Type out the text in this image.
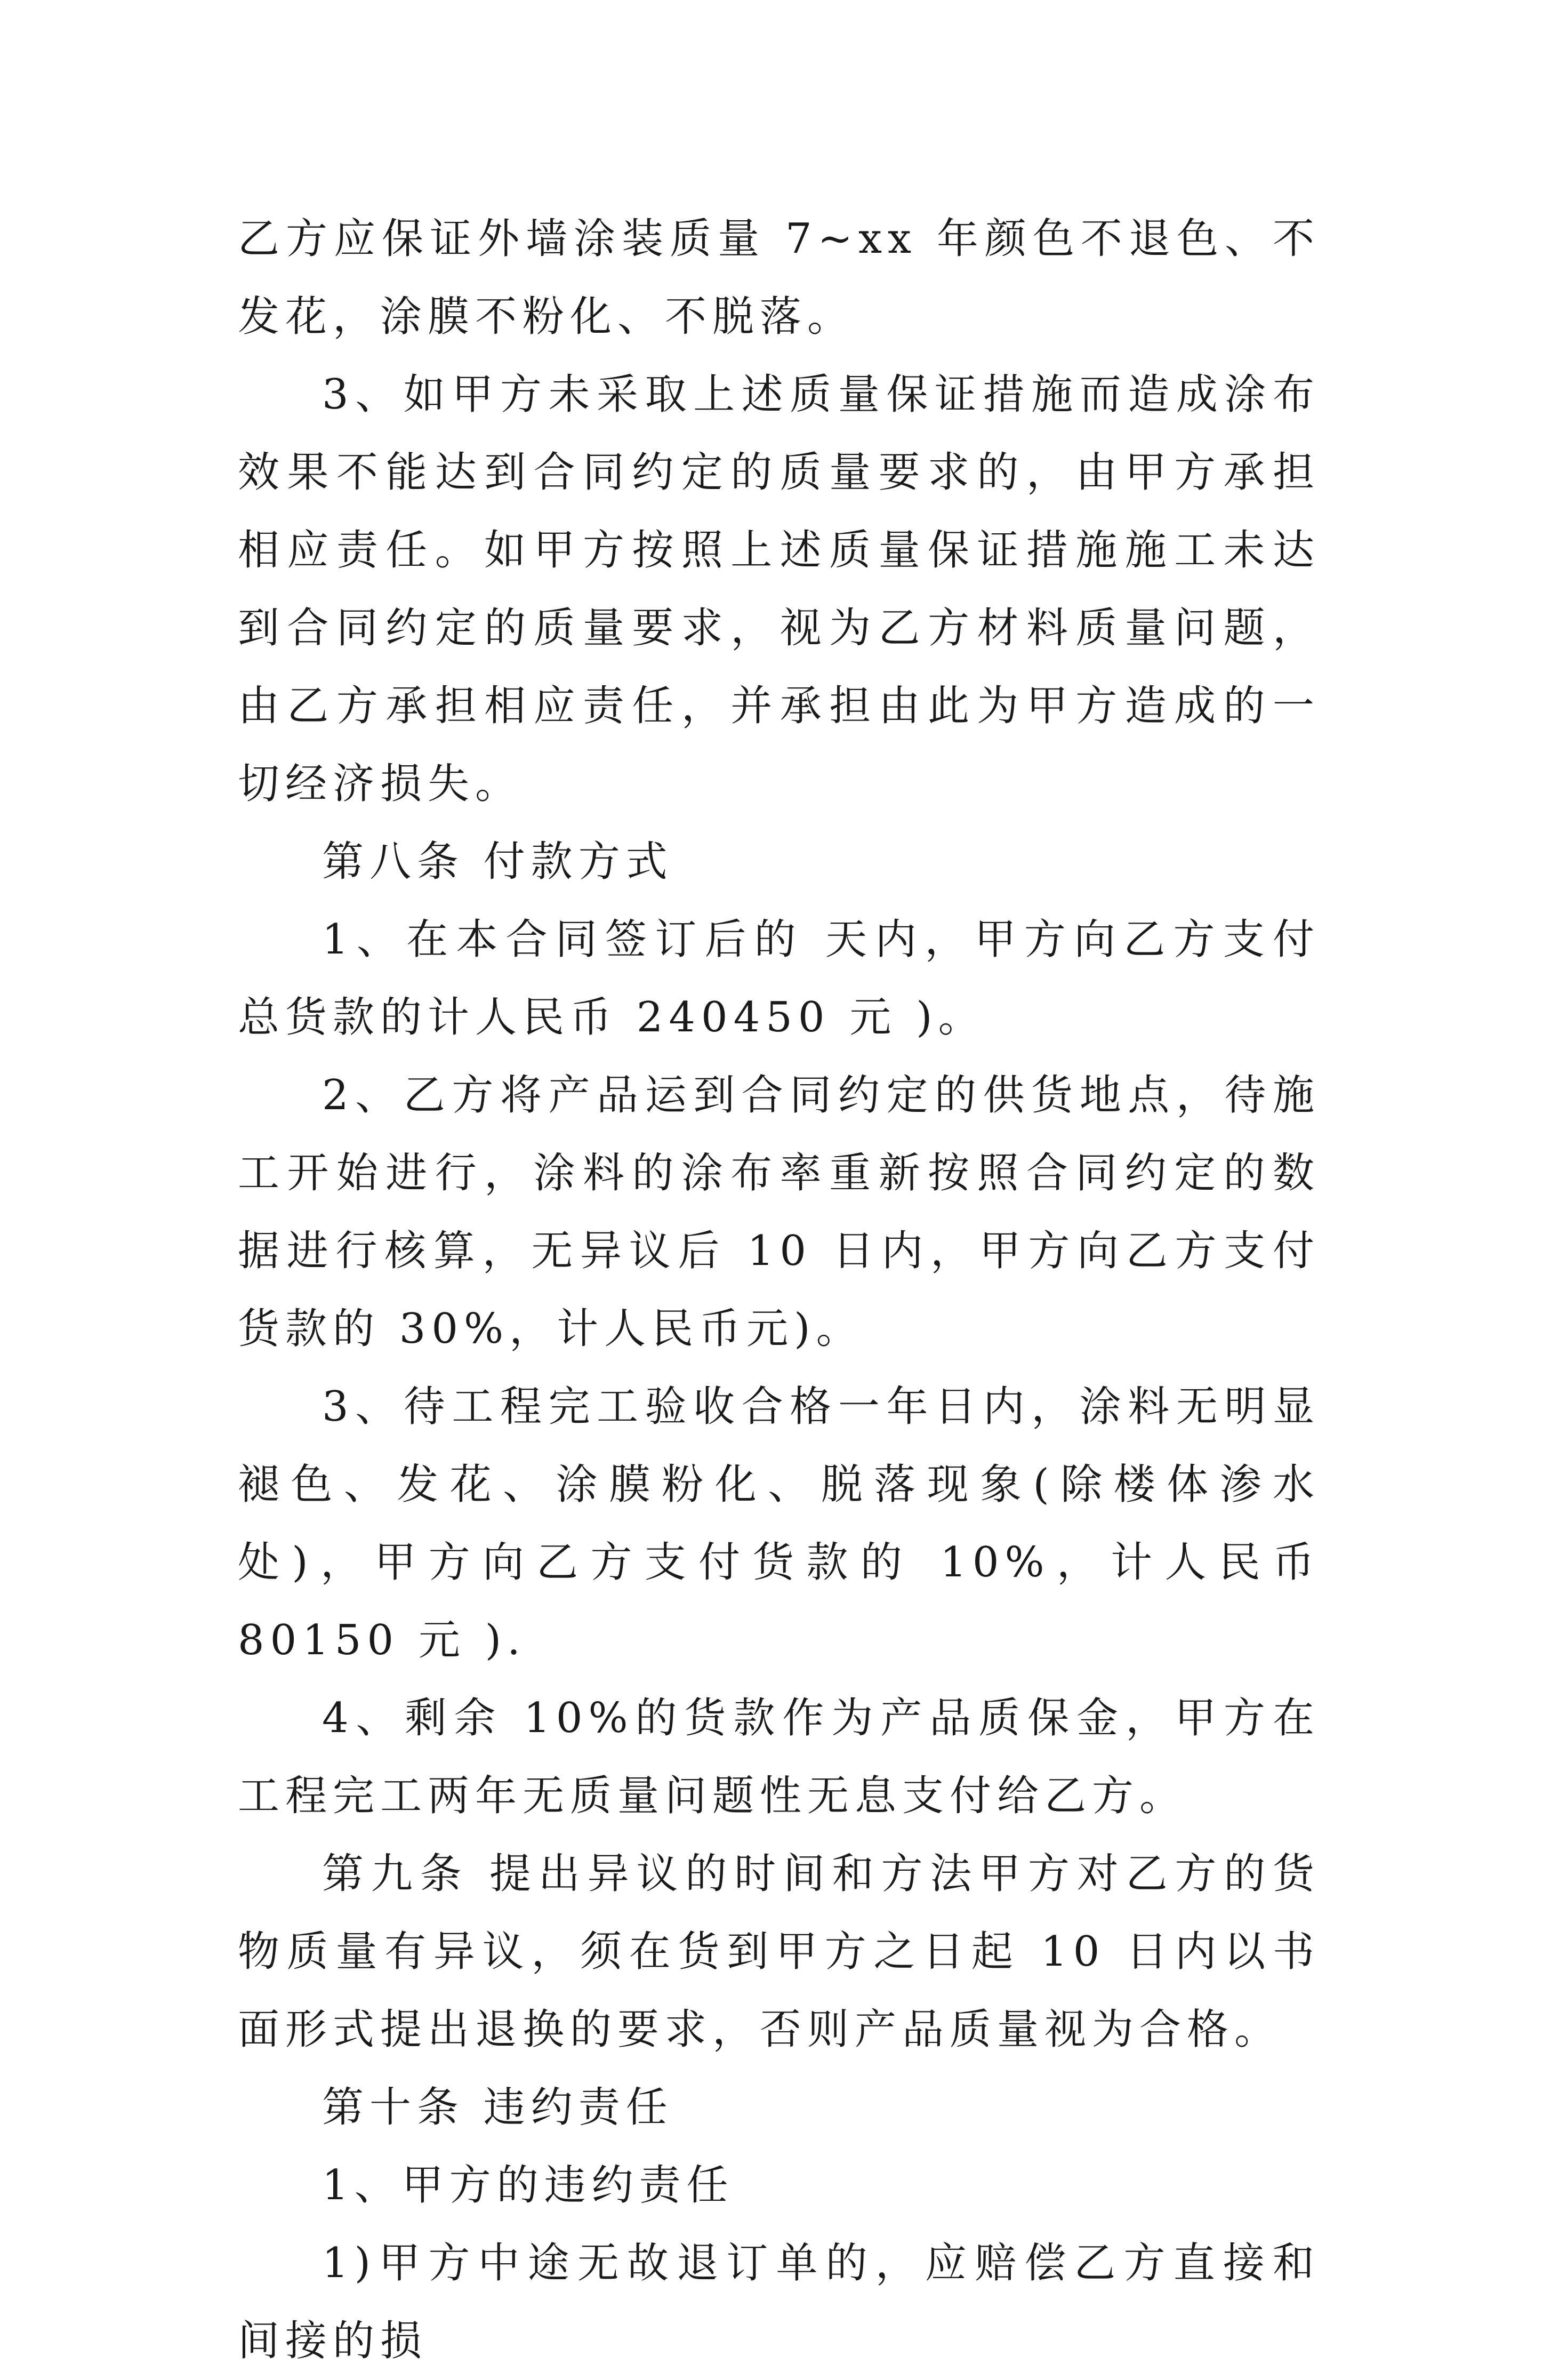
乙方应保证外墙涂装质量 7~xx 年颜色不退色、不发花，涂膜不粉化、不脱落。

3、如甲方未采取上述质量保证措施而造成涂布效果不能达到合同约定的质量要求的，由甲方承担相应责任。如甲方按照上述质量保证措施施工未达到合同约定的质量要求，视为乙方材料质量问题，由乙方承担相应责任，并承担由此为甲方造成的一切经济损失。

第八条 付款方式

1、在本合同签订后的 天内，甲方向乙方支付总货款的计人民币 240450 元 )。

2、乙方将产品运到合同约定的供货地点，待施工开始进行，涂料的涂布率重新按照合同约定的数据进行核算，无异议后 10 日内，甲方向乙方支付货款的 30%，计人民币元)。

3、待工程完工验收合格一年日内，涂料无明显褪色、发花、涂膜粉化、脱落现象(除楼体渗水处)，甲方向乙方支付货款的 10%，计人民币 80150 元 ).

4、剩余 10%的货款作为产品质保金，甲方在工程完工两年无质量问题性无息支付给乙方。

第九条 提出异议的时间和方法甲方对乙方的货物质量有异议，须在货到甲方之日起 10 日内以书面形式提出退换的要求，否则产品质量视为合格。

第十条 违约责任

1、甲方的违约责任

1)甲方中途无故退订单的，应赔偿乙方直接和间接的损
